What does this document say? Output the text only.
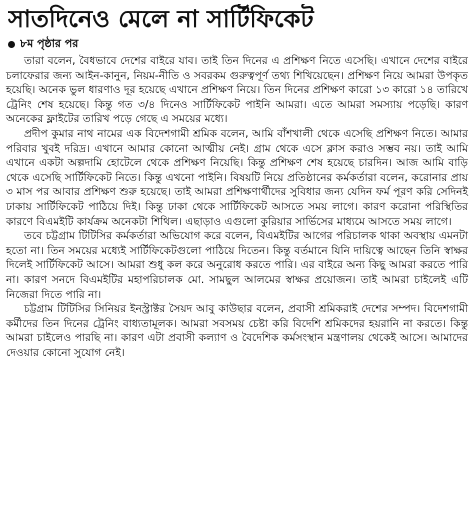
সাতদিনেও মেলে না সার্টিফিকেট
৮ম পৃষ্ঠার পর

তারা বলেন, বৈধভাবে দেশের বাইরে যাব। তাই তিন দিনের এ প্রশিক্ষণ নিতে এসেছি। এখানে দেশের বাইরে চলাফেরার জন্য আইন-কানুন, নিয়ম-নীতি ও সবরকম গুরুত্বপূর্ণ তথ্য শিখিয়েছেন। প্রশিক্ষণ নিয়ে আমরা উপকৃত হয়েছি। অনেক ভুল ধারণাও দূর হয়েছে এখানে প্রশিক্ষণ নিয়ে। তিন দিনের প্রশিক্ষণ কারো ১৩ কারো ১৪ তারিখে ট্রেনিং শেষ হয়েছে। কিন্তু গত ৩/৪ দিনেও সার্টিফিকেট পাইনি আমরা। এতে আমরা সমস্যায় পড়েছি। কারণ অনেকের ফ্লাইটের তারিখ পড়ে গেছে এ সময়ের মধ্যে।

প্রদীপ কুমার নাথ নামের এক বিদেশগামী শ্রমিক বলেন, আমি বাঁশখালী থেকে এসেছি প্রশিক্ষণ নিতে। আমার পরিবার খুবই দরিদ্র। এখানে আমার কোনো আত্মীয় নেই। গ্রাম থেকে এসে ক্লাস করাও সম্ভব নয়। তাই আমি এখানে একটা অল্পদামি হোটেলে থেকে প্রশিক্ষণ নিয়েছি। কিন্তু প্রশিক্ষণ শেষ হয়েছে চারদিন। আজ আমি বাড়ি থেকে এসেছি সার্টিফিকেট নিতে। কিন্তু এখনো পাইনি। বিষয়টি নিয়ে প্রতিষ্ঠানের কর্মকর্তারা বলেন, করোনার প্রায় ৩ মাস পর আবার প্রশিক্ষণ শুরু হয়েছে। তাই আমরা প্রশিক্ষণার্থীদের সুবিধার জন্য যেদিন ফর্ম পূরণ করি সেদিনই ঢাকায় সার্টিফিকেট পাঠিয়ে দিই। কিন্তু ঢাকা থেকে সার্টিফিকেট আসতে সময় লাগে। কারণ করোনা পরিস্থিতির কারণে বিএমইটি কার্যক্রম অনেকটা শিথিল। এছাড়াও এগুলো কুরিয়ার সার্ভিসের মাধ্যমে আসতে সময় লাগে।

তবে চট্টগ্রাম টিটিসির কর্মকর্তারা অভিযোগ করে বলেন, বিএমইটির আগের পরিচালক থাকা অবস্থায় এমনটা হতো না। তিন সময়ের মধ্যেই সার্টিফিকেটগুলো পাঠিয়ে দিতেন। কিন্তু বর্তমানে যিনি দায়িত্বে আছেন তিনি স্বাক্ষর দিলেই সার্টিফিকেট আসে। আমরা শুধু কল করে অনুরোধ করতে পারি। এর বাইরে অন্য কিছু আমরা করতে পারি না। কারণ সনদে বিএমইটির মহাপরিচালক মো. সামছুল আলমের স্বাক্ষর প্রয়োজন। তাই আমরা চাইলেই এটি নিজেরা দিতে পারি না।

চট্টগ্রাম টিটিসির সিনিয়র ইনস্ট্রাক্টর সৈয়দ আবু কাউছার বলেন, প্রবাসী শ্রমিকরাই দেশের সম্পদ। বিদেশগামী কর্মীদের তিন দিনের ট্রেনিং বাধ্যতামূলক। আমরা সবসময় চেষ্টা করি বিদেশি শ্রমিকদের হয়রানি না করতে। কিন্তু আমরা চাইলেও পারছি না। কারণ এটা প্রবাসী কল্যাণ ও বৈদেশিক কর্মসংস্থান মন্ত্রণালয় থেকেই আসে। আমাদের দেওয়ার কোনো সুযোগ নেই।
